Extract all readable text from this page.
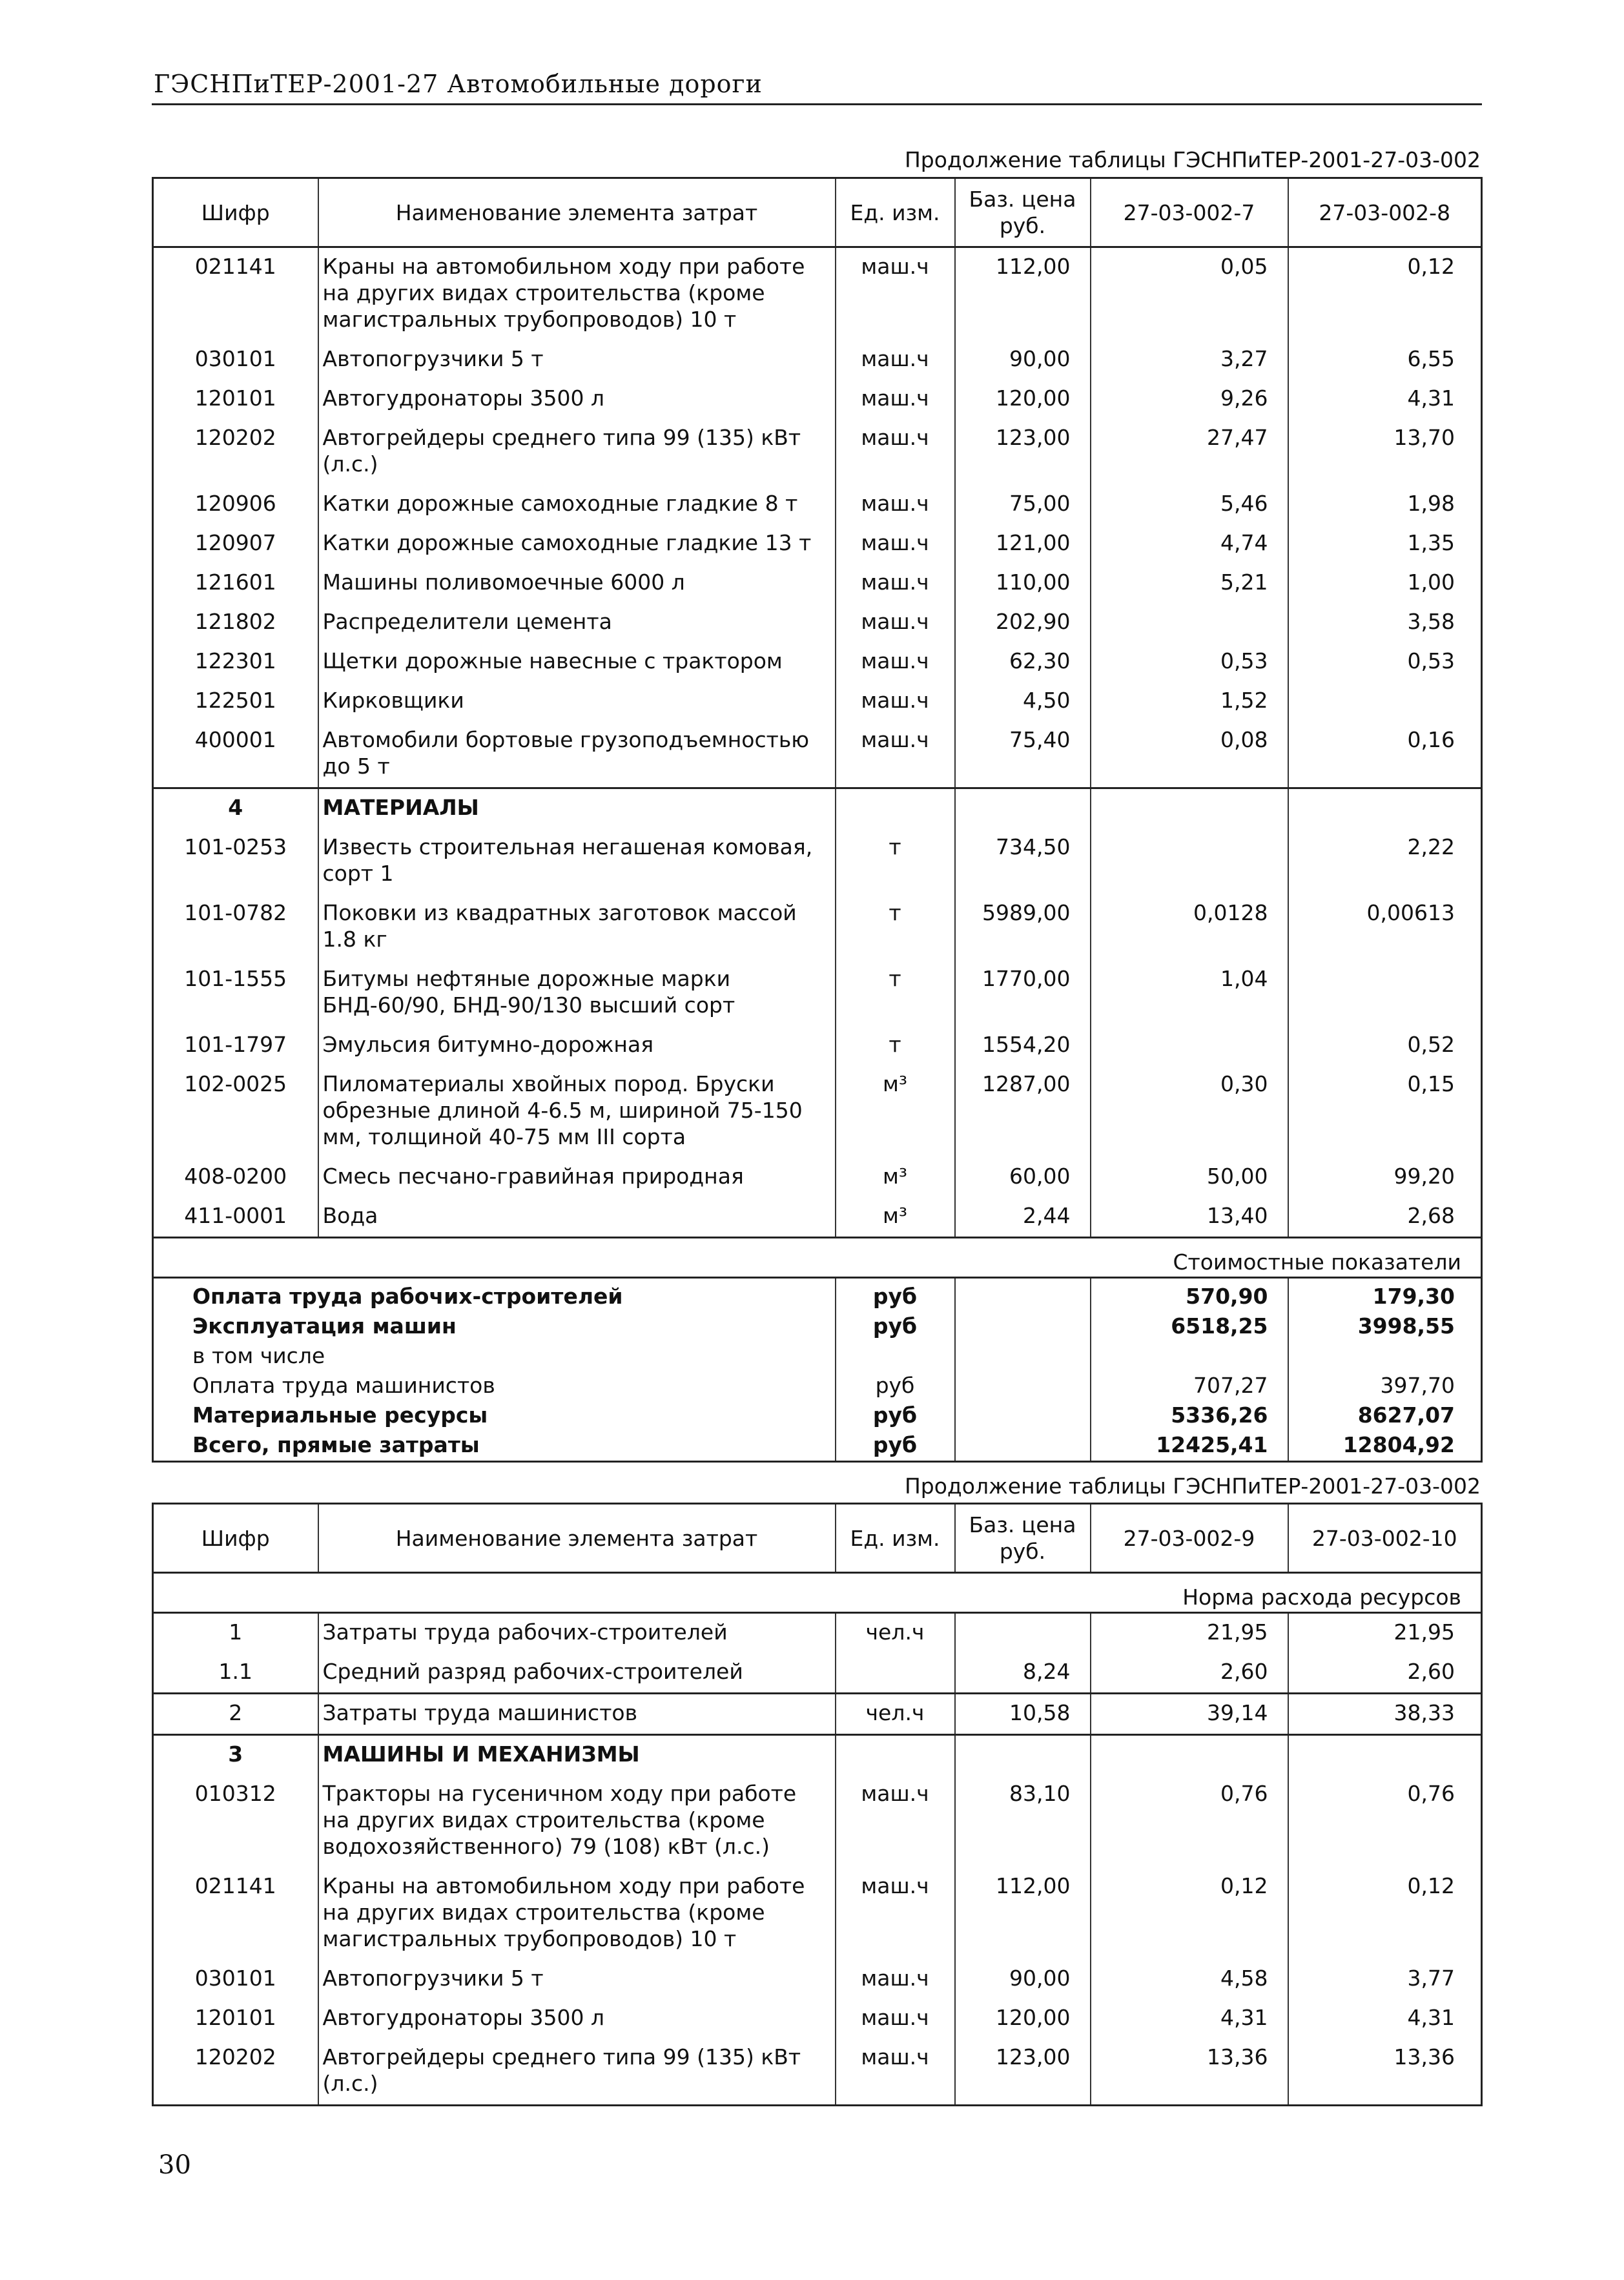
ГЭСНПиТЕР-2001-27 Автомобильные дороги
Продолжение таблицы ГЭСНПиТЕР-2001-27-03-002
Шифр	Наименование элемента затрат	Ед. изм.	Баз. цена руб.	27-03-002-7	27-03-002-8
021141	Краны на автомобильном ходу при работе на других видах строительства (кроме магистральных трубопроводов) 10 т	маш.ч	112,00	0,05	0,12
030101	Автопогрузчики 5 т	маш.ч	90,00	3,27	6,55
120101	Автогудронаторы 3500 л	маш.ч	120,00	9,26	4,31
120202	Автогрейдеры среднего типа 99 (135) кВт (л.с.)	маш.ч	123,00	27,47	13,70
120906	Катки дорожные самоходные гладкие 8 т	маш.ч	75,00	5,46	1,98
120907	Катки дорожные самоходные гладкие 13 т	маш.ч	121,00	4,74	1,35
121601	Машины поливомоечные 6000 л	маш.ч	110,00	5,21	1,00
121802	Распределители цемента	маш.ч	202,90		3,58
122301	Щетки дорожные навесные с трактором	маш.ч	62,30	0,53	0,53
122501	Кирковщики	маш.ч	4,50	1,52	
400001	Автомобили бортовые грузоподъемностью до 5 т	маш.ч	75,40	0,08	0,16
4	МАТЕРИАЛЫ				
101-0253	Известь строительная негашеная комовая, сорт 1	т	734,50		2,22
101-0782	Поковки из квадратных заготовок массой 1.8 кг	т	5989,00	0,0128	0,00613
101-1555	Битумы нефтяные дорожные марки БНД-60/90, БНД-90/130 высший сорт	т	1770,00	1,04	
101-1797	Эмульсия битумно-дорожная	т	1554,20		0,52
102-0025	Пиломатериалы хвойных пород. Бруски обрезные длиной 4-6.5 м, шириной 75-150 мм, толщиной 40-75 мм III сорта	м³	1287,00	0,30	0,15
408-0200	Смесь песчано-гравийная природная	м³	60,00	50,00	99,20
411-0001	Вода	м³	2,44	13,40	2,68
Стоимостные показатели					
Оплата труда рабочих-строителей		руб		570,90	179,30
Эксплуатация машин		руб		6518,25	3998,55
в том числе					
Оплата труда машинистов		руб		707,27	397,70
Материальные ресурсы		руб		5336,26	8627,07
Всего, прямые затраты		руб		12425,41	12804,92
Продолжение таблицы ГЭСНПиТЕР-2001-27-03-002
Шифр	Наименование элемента затрат	Ед. изм.	Баз. цена руб.	27-03-002-9	27-03-002-10
Норма расхода ресурсов					
1	Затраты труда рабочих-строителей	чел.ч		21,95	21,95
1.1	Средний разряд рабочих-строителей		8,24	2,60	2,60
2	Затраты труда машинистов	чел.ч	10,58	39,14	38,33
3	МАШИНЫ И МЕХАНИЗМЫ				
010312	Тракторы на гусеничном ходу при работе на других видах строительства (кроме водохозяйственного) 79 (108) кВт (л.с.)	маш.ч	83,10	0,76	0,76
021141	Краны на автомобильном ходу при работе на других видах строительства (кроме магистральных трубопроводов) 10 т	маш.ч	112,00	0,12	0,12
030101	Автопогрузчики 5 т	маш.ч	90,00	4,58	3,77
120101	Автогудронаторы 3500 л	маш.ч	120,00	4,31	4,31
120202	Автогрейдеры среднего типа 99 (135) кВт (л.с.)	маш.ч	123,00	13,36	13,36
30
